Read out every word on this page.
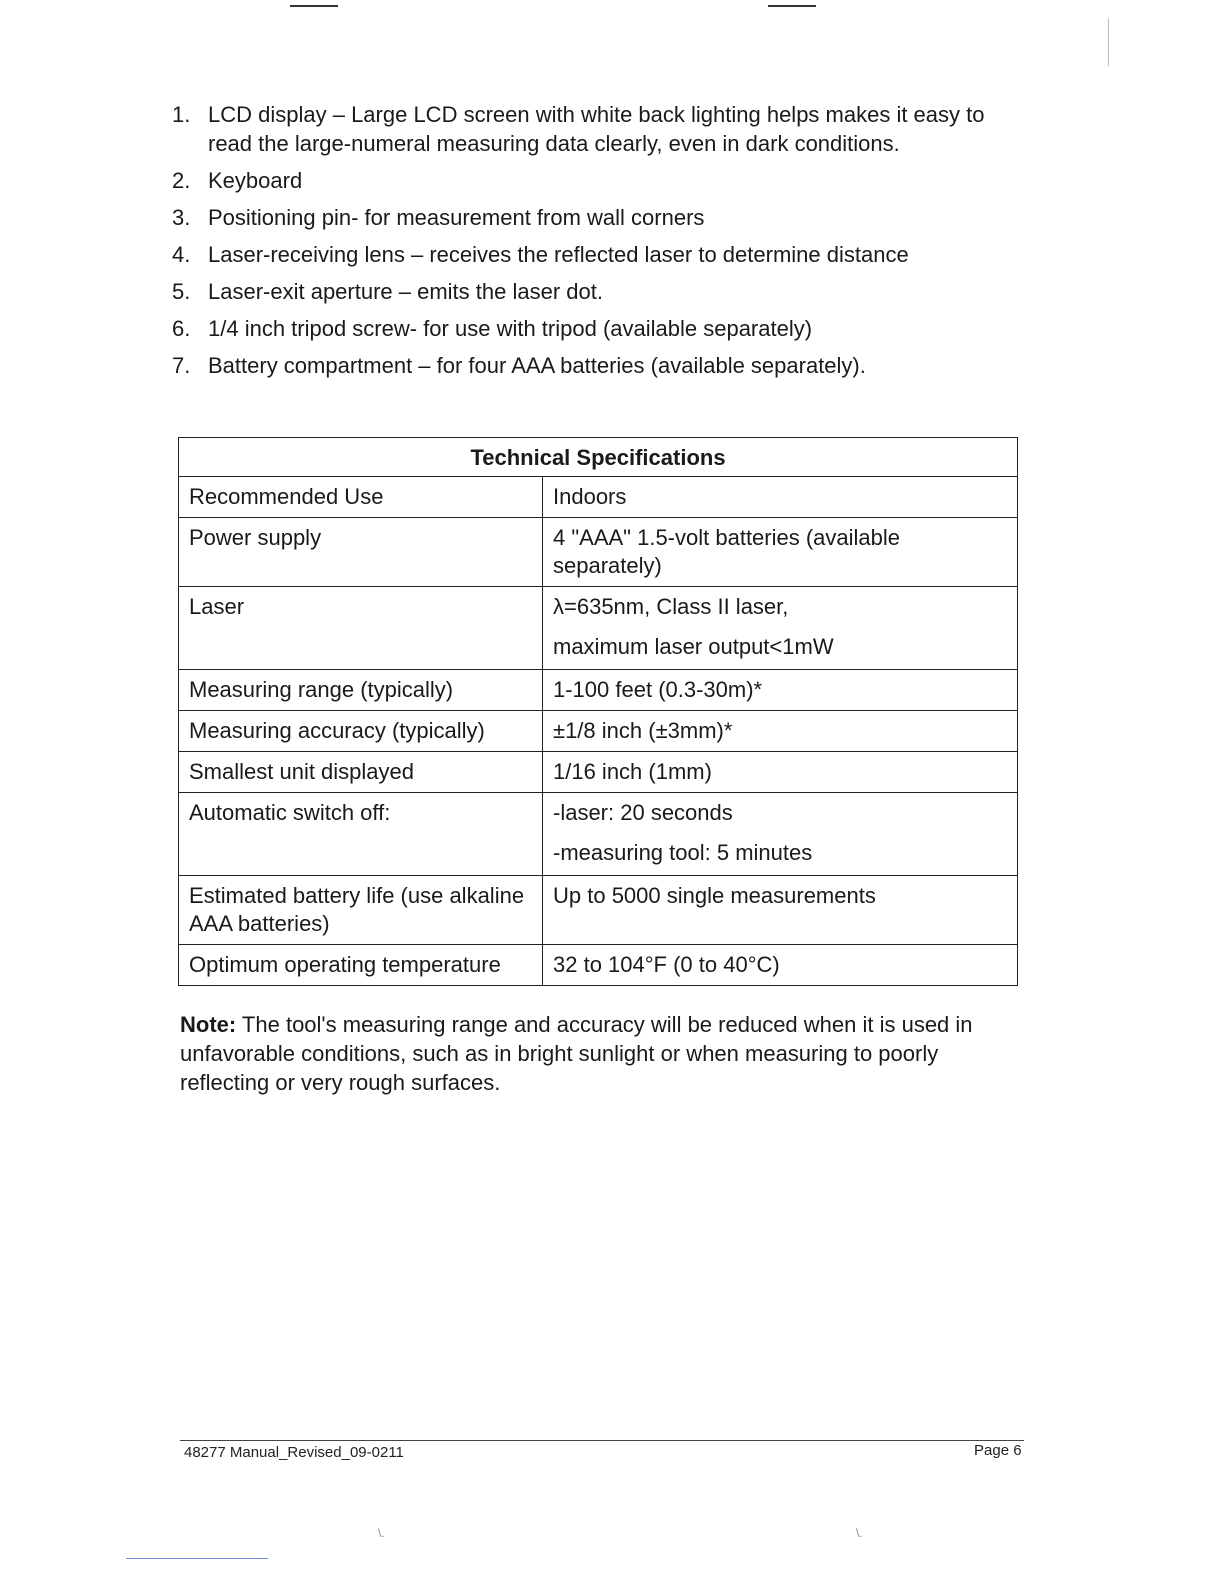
1. LCD display – Large LCD screen with white back lighting helps makes it easy to read the large-numeral measuring data clearly, even in dark conditions.
2. Keyboard
3. Positioning pin- for measurement from wall corners
4. Laser-receiving lens – receives the reflected laser to determine distance
5. Laser-exit aperture – emits the laser dot.
6. 1/4 inch tripod screw- for use with tripod (available separately)
7. Battery compartment – for four AAA batteries (available separately).
Technical Specifications	
Recommended Use	Indoors
Power supply	4 "AAA" 1.5-volt batteries (available separately)
Laser	λ=635nm, Class II laser,
maximum laser output<1mW

Measuring range (typically)	1-100 feet (0.3-30m)*
Measuring accuracy (typically)	±1/8 inch (±3mm)*
Smallest unit displayed	1/16 inch (1mm)
Automatic switch off:	-laser: 20 seconds
-measuring tool: 5 minutes

Estimated battery life (use alkaline AAA batteries)	Up to 5000 single measurements
Optimum operating temperature	32 to 104°F (0 to 40°C)

Note: The tool's measuring range and accuracy will be reduced when it is used in unfavorable conditions, such as in bright sunlight or when measuring to poorly reflecting or very rough surfaces.

48277 Manual_Revised_09-0211	Page 6
\.	\.
